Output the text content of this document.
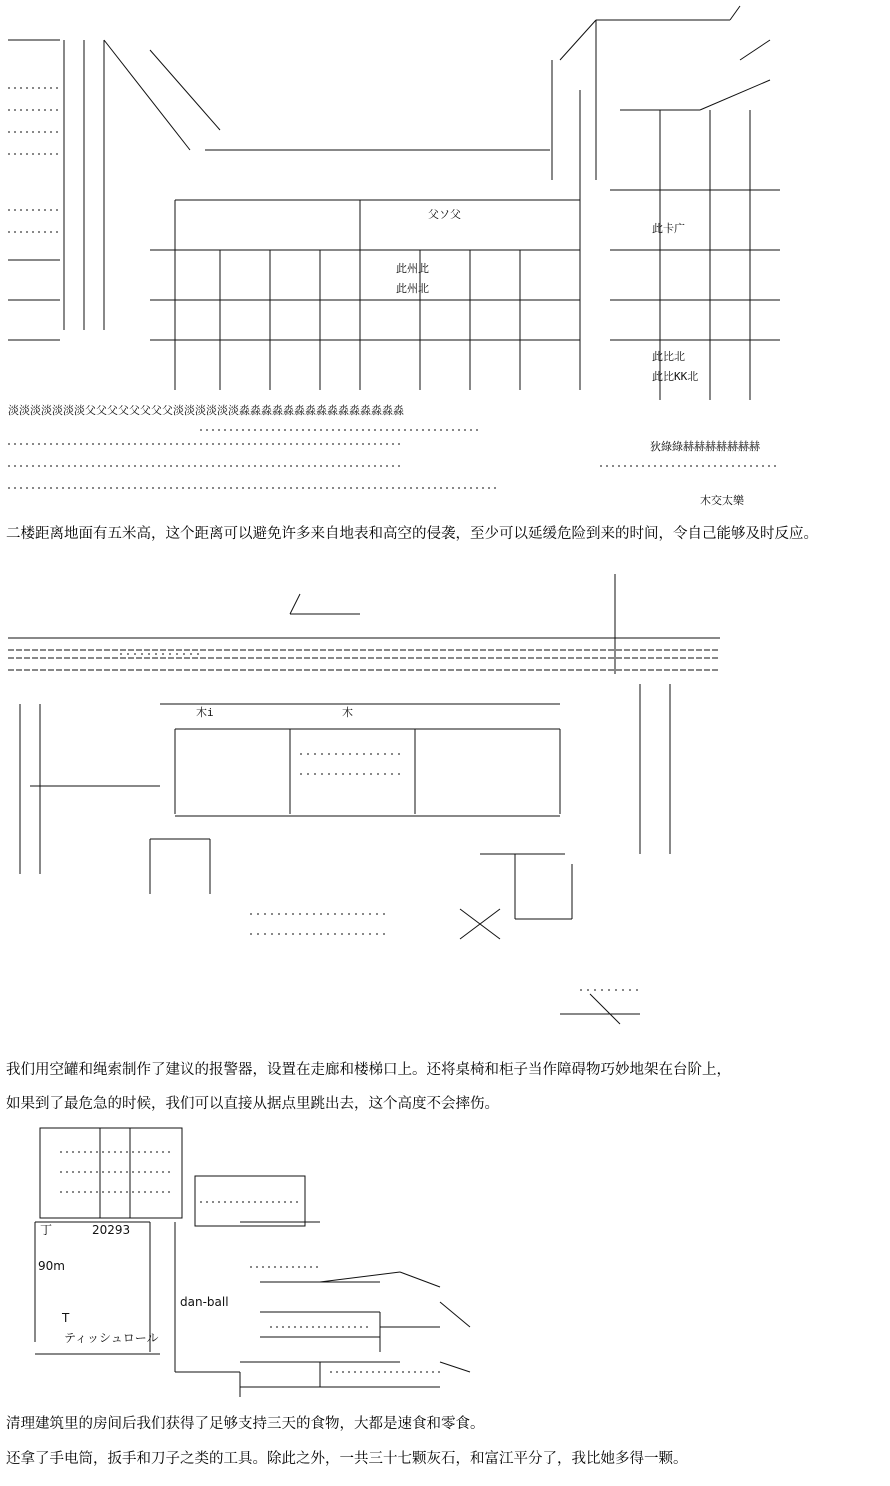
父ソ父
此州此
此州北
此卡广
此比北
此比KK北
淡淡淡淡淡淡淡父父父父父父父父淡淡淡淡淡淡淼淼淼淼淼淼淼淼淼淼淼淼淼淼淼
狄綠綠赫赫赫赫赫赫赫
木交太樂
二楼距离地面有五米高，这个距离可以避免许多来自地表和高空的侵袭，至少可以延缓危险到来的时间，令自己能够及时反应。
木i	木
我们用空罐和绳索制作了建议的报警器，设置在走廊和楼梯口上。还将桌椅和柜子当作障碍物巧妙地架在台阶上，
如果到了最危急的时候，我们可以直接从据点里跳出去，这个高度不会摔伤。
丁	20293
90m
dan-ball
T
ティッシュロール
清理建筑里的房间后我们获得了足够支持三天的食物，大都是速食和零食。
还拿了手电筒，扳手和刀子之类的工具。除此之外，一共三十七颗灰石，和富江平分了，我比她多得一颗。
